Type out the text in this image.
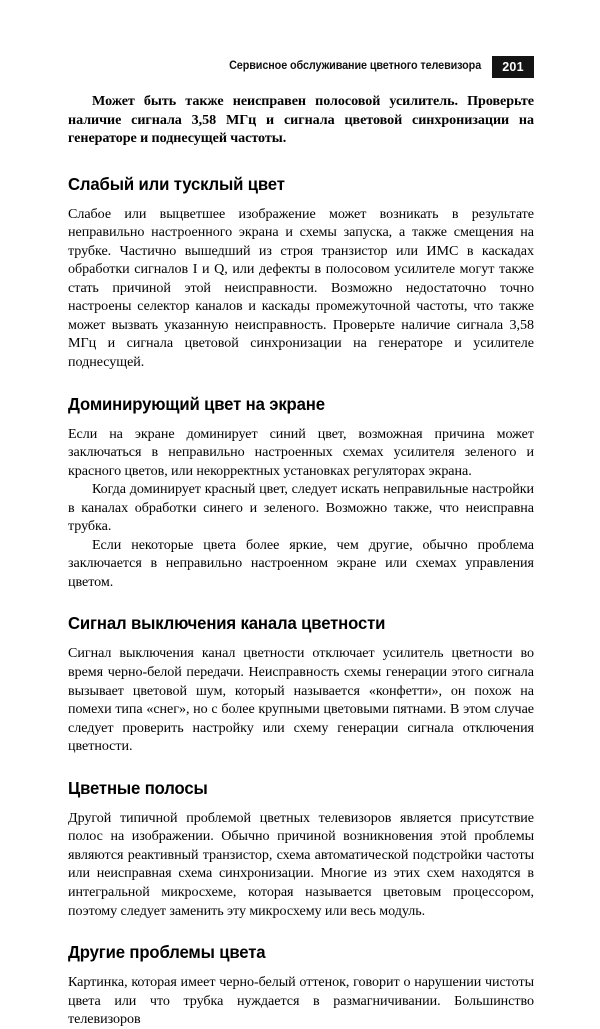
Сервисное обслуживание цветного телевизора	201

Может быть также неисправен полосовой усилитель. Проверьте наличие сигнала 3,58 МГц и сигнала цветовой синхронизации на генераторе и поднесущей частоты.

Слабый или тусклый цвет

Слабое или выцветшее изображение может возникать в результате неправильно настроенного экрана и схемы запуска, а также смещения на трубке. Частично вышедший из строя транзистор или ИМС в каскадах обработки сигналов I и Q, или дефекты в полосовом усилителе могут также стать причиной этой неисправности. Возможно недостаточно точно настроены селектор каналов и каскады промежуточной частоты, что также может вызвать указанную неисправность. Проверьте наличие сигнала 3,58 МГц и сигнала цветовой синхронизации на генераторе и усилителе поднесущей.

Доминирующий цвет на экране

Если на экране доминирует синий цвет, возможная причина может заключаться в неправильно настроенных схемах усилителя зеленого и красного цветов, или некорректных установках регуляторах экрана.

Когда доминирует красный цвет, следует искать неправильные настройки в каналах обработки синего и зеленого. Возможно также, что неисправна трубка.

Если некоторые цвета более яркие, чем другие, обычно проблема заключается в неправильно настроенном экране или схемах управления цветом.

Сигнал выключения канала цветности

Сигнал выключения канал цветности отключает усилитель цветности во время черно-белой передачи. Неисправность схемы генерации этого сигнала вызывает цветовой шум, который называется «конфетти», он похож на помехи типа «снег», но с более крупными цветовыми пятнами. В этом случае следует проверить настройку или схему генерации сигнала отключения цветности.

Цветные полосы

Другой типичной проблемой цветных телевизоров является присутствие полос на изображении. Обычно причиной возникновения этой проблемы являются реактивный транзистор, схема автоматической подстройки частоты или неисправная схема синхронизации. Многие из этих схем находятся в интегральной микросхеме, которая называется цветовым процессором, поэтому следует заменить эту микросхему или весь модуль.

Другие проблемы цвета

Картинка, которая имеет черно-белый оттенок, говорит о нарушении чистоты цвета или что трубка нуждается в размагничивании. Большинство телевизоров
